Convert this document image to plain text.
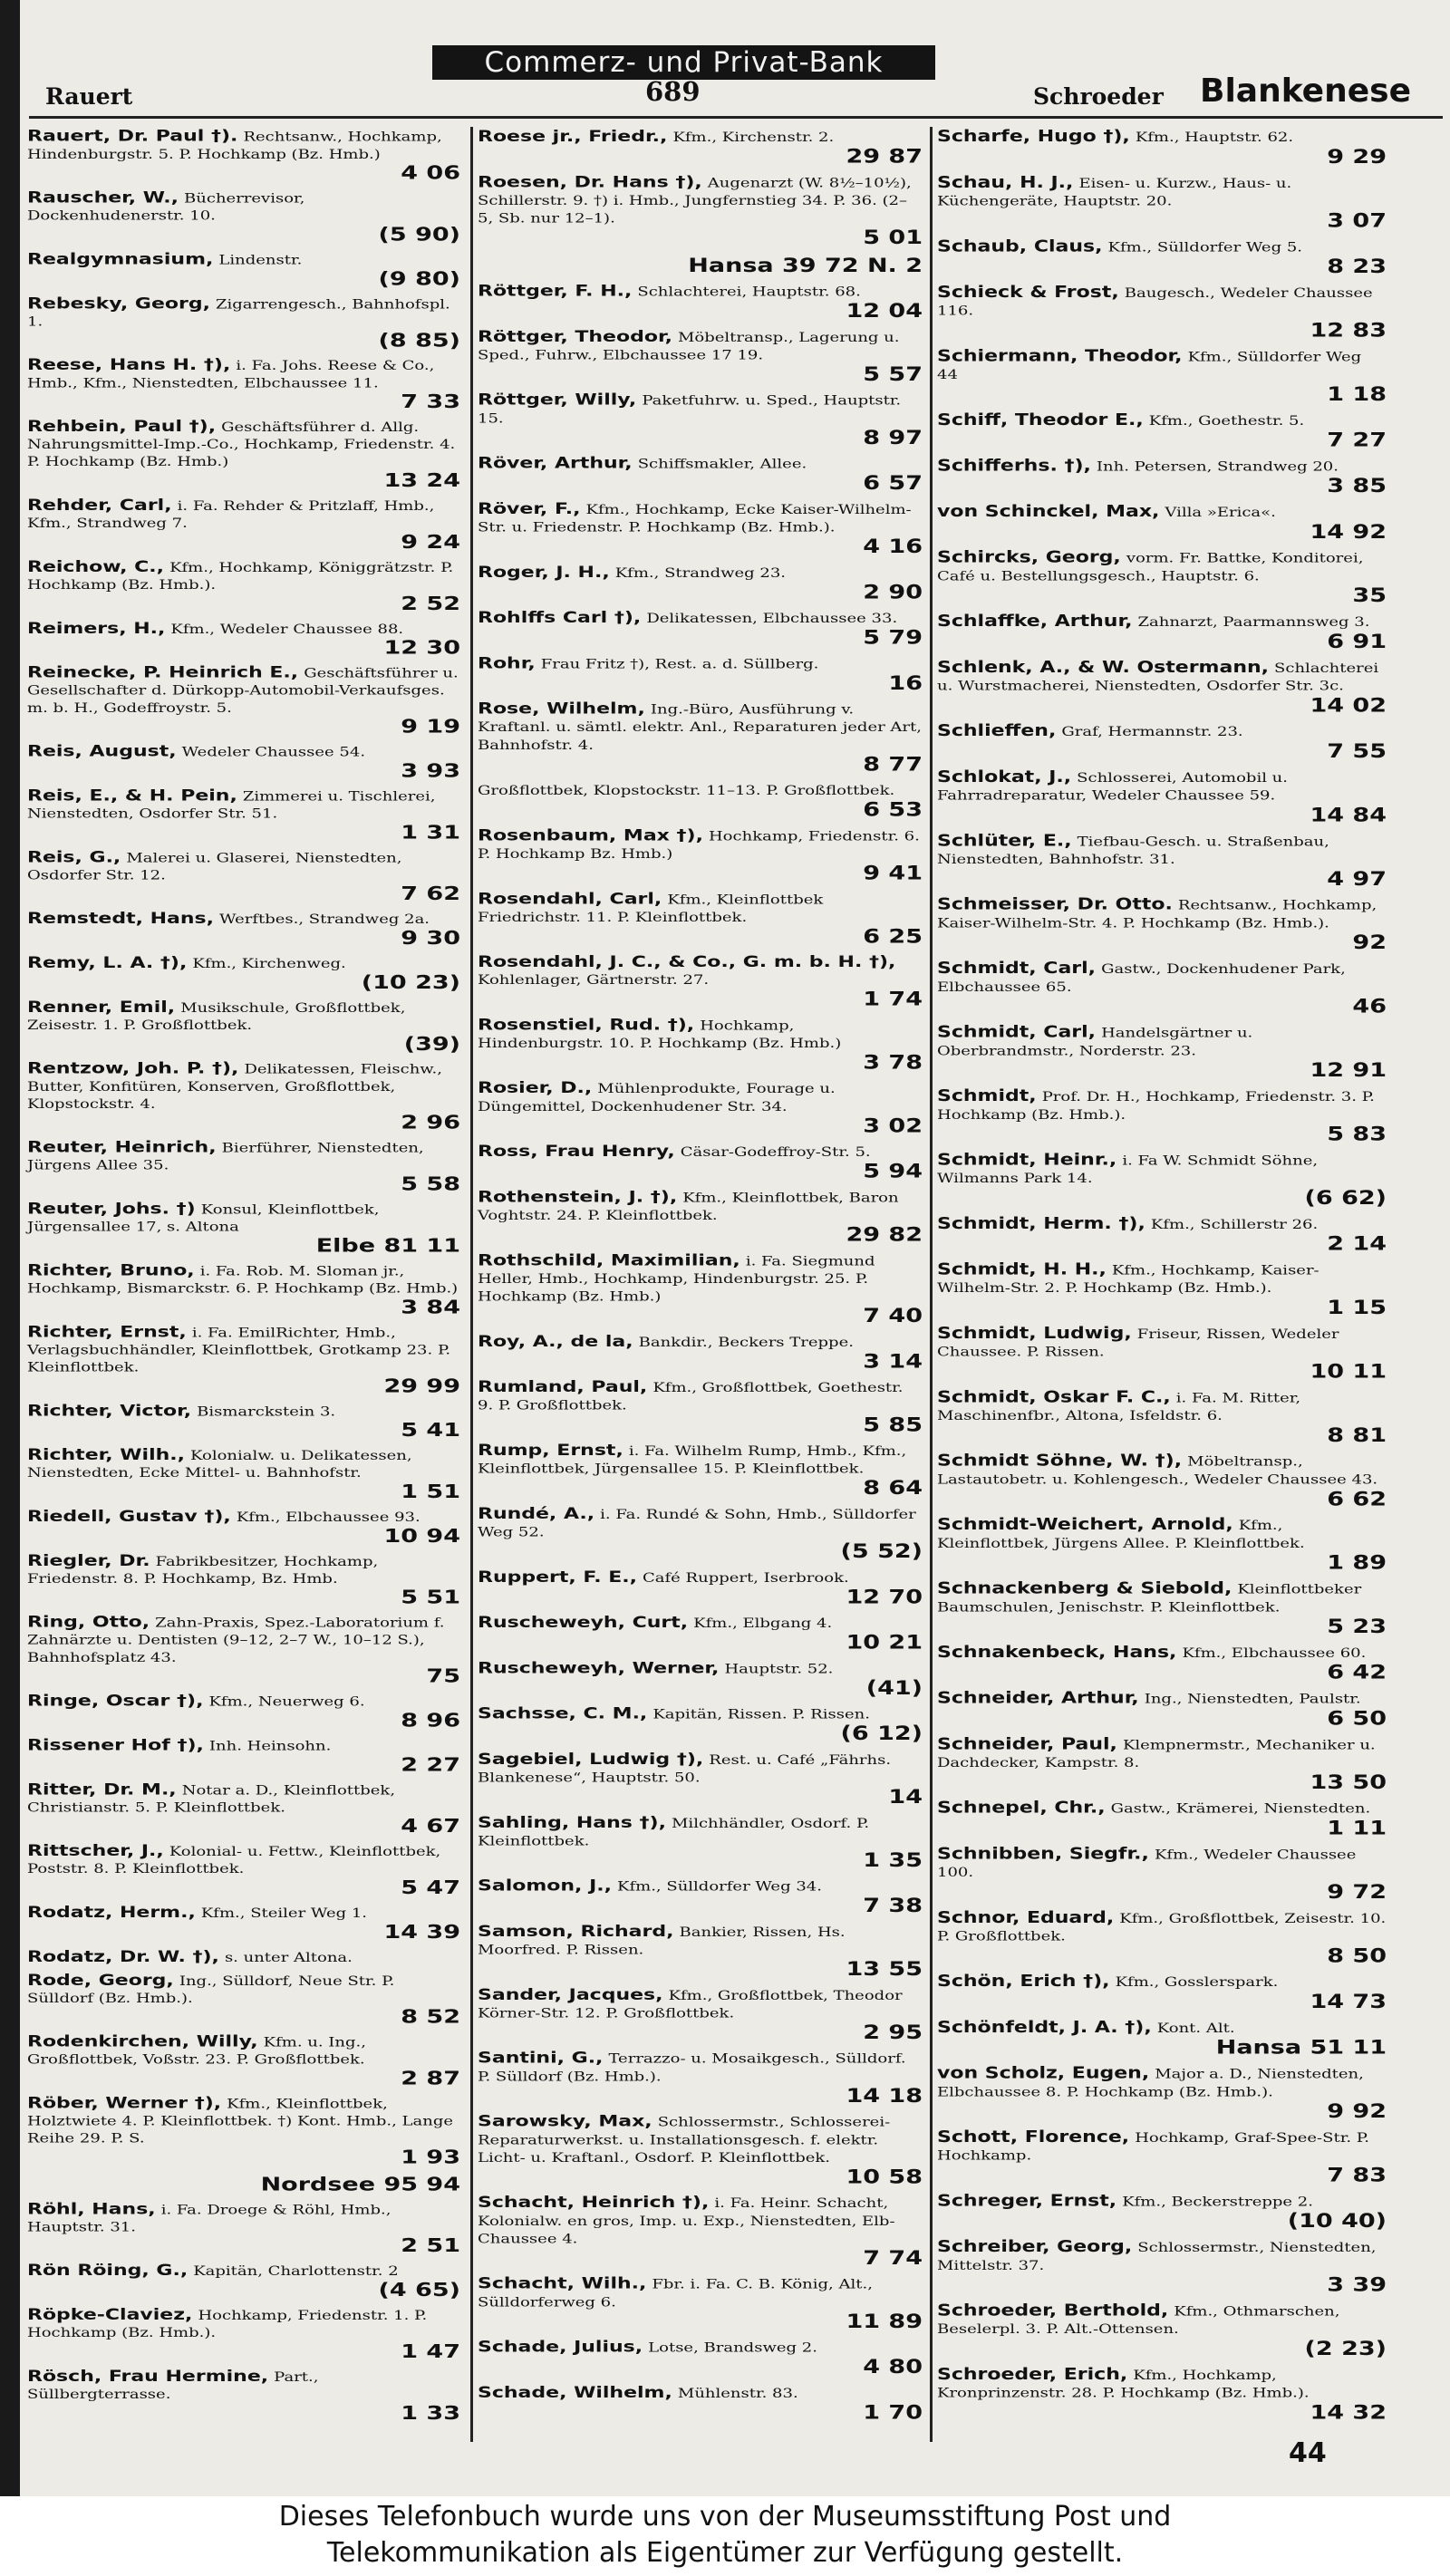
Commerz- und Privat-Bank
Rauert	689	Schroeder Blankenese
Rauert, Dr. Paul †). Rechtsanw., Hochkamp, Hindenburgstr. 5. P. Hochkamp (Bz. Hmb.)
4 06
Rauscher, W., Bücherrevisor, Dockenhudenerstr. 10.
(5 90)
Realgymnasium, Lindenstr.
(9 80)
Rebesky, Georg, Zigarrengesch., Bahnhofspl. 1.
(8 85)
Reese, Hans H. †), i. Fa. Johs. Reese & Co., Hmb., Kfm., Nienstedten, Elbchaussee 11.
7 33
Rehbein, Paul †), Geschäftsführer d. Allg. Nahrungsmittel-Imp.-Co., Hochkamp, Friedenstr. 4. P. Hochkamp (Bz. Hmb.)
13 24
Rehder, Carl, i. Fa. Rehder & Pritzlaff, Hmb., Kfm., Strandweg 7.
9 24
Reichow, C., Kfm., Hochkamp, Königgrätzstr. P. Hochkamp (Bz. Hmb.).
2 52
Reimers, H., Kfm., Wedeler Chaussee 88.
12 30
Reinecke, P. Heinrich E., Geschäftsführer u. Gesellschafter d. Dürkopp-Automobil-Verkaufsges. m. b. H., Godeffroystr. 5.
9 19
Reis, August, Wedeler Chaussee 54.
3 93
Reis, E., & H. Pein, Zimmerei u. Tischlerei, Nienstedten, Osdorfer Str. 51.
1 31
Reis, G., Malerei u. Glaserei, Nienstedten, Osdorfer Str. 12.
7 62
Remstedt, Hans, Werftbes., Strandweg 2a.
9 30
Remy, L. A. †), Kfm., Kirchenweg.
(10 23)
Renner, Emil, Musikschule, Großflottbek, Zeisestr. 1. P. Großflottbek.
(39)
Rentzow, Joh. P. †), Delikatessen, Fleischw., Butter, Konfitüren, Konserven, Großflottbek, Klopstockstr. 4.
2 96
Reuter, Heinrich, Bierführer, Nienstedten, Jürgens Allee 35.
5 58
Reuter, Johs. †) Konsul, Kleinflottbek, Jürgensallee 17, s. Altona
Elbe 81 11
Richter, Bruno, i. Fa. Rob. M. Sloman jr., Hochkamp, Bismarckstr. 6. P. Hochkamp (Bz. Hmb.)
3 84
Richter, Ernst, i. Fa. EmilRichter, Hmb., Verlagsbuchhändler, Kleinflottbek, Grotkamp 23. P. Kleinflottbek.
29 99
Richter, Victor, Bismarckstein 3.
5 41
Richter, Wilh., Kolonialw. u. Delikatessen, Nienstedten, Ecke Mittel- u. Bahnhofstr.
1 51
Riedell, Gustav †), Kfm., Elbchaussee 93.
10 94
Riegler, Dr. Fabrikbesitzer, Hochkamp, Friedenstr. 8. P. Hochkamp, Bz. Hmb.
5 51
Ring, Otto, Zahn-Praxis, Spez.-Laboratorium f. Zahnärzte u. Dentisten (9–12, 2–7 W., 10–12 S.), Bahnhofsplatz 43.
75
Ringe, Oscar †), Kfm., Neuerweg 6.
8 96
Rissener Hof †), Inh. Heinsohn.
2 27
Ritter, Dr. M., Notar a. D., Kleinflottbek, Christianstr. 5. P. Kleinflottbek.
4 67
Rittscher, J., Kolonial- u. Fettw., Kleinflottbek, Poststr. 8. P. Kleinflottbek.
5 47
Rodatz, Herm., Kfm., Steiler Weg 1.
14 39
Rodatz, Dr. W. †), s. unter Altona.
Rode, Georg, Ing., Sülldorf, Neue Str. P. Sülldorf (Bz. Hmb.).
8 52
Rodenkirchen, Willy, Kfm. u. Ing., Großflottbek, Voßstr. 23. P. Großflottbek.
2 87
Röber, Werner †), Kfm., Kleinflottbek, Holztwiete 4. P. Kleinflottbek. †) Kont. Hmb., Lange Reihe 29. P. S.
1 93
Nordsee 95 94
Röhl, Hans, i. Fa. Droege & Röhl, Hmb., Hauptstr. 31.
2 51
Rön Röing, G., Kapitän, Charlottenstr. 2
(4 65)
Röpke-Claviez, Hochkamp, Friedenstr. 1. P. Hochkamp (Bz. Hmb.).
1 47
Rösch, Frau Hermine, Part., Süllbergterrasse.
1 33
Roese jr., Friedr., Kfm., Kirchenstr. 2.
29 87
Roesen, Dr. Hans †), Augenarzt (W. 8½–10½), Schillerstr. 9. †) i. Hmb., Jungfernstieg 34. P. 36. (2–5, Sb. nur 12–1).
5 01
Hansa 39 72 N. 2
Röttger, F. H., Schlachterei, Hauptstr. 68.
12 04
Röttger, Theodor, Möbeltransp., Lagerung u. Sped., Fuhrw., Elbchaussee 17 19.
5 57
Röttger, Willy, Paketfuhrw. u. Sped., Hauptstr. 15.
8 97
Röver, Arthur, Schiffsmakler, Allee.
6 57
Röver, F., Kfm., Hochkamp, Ecke Kaiser-Wilhelm-Str. u. Friedenstr. P. Hochkamp (Bz. Hmb.).
4 16
Roger, J. H., Kfm., Strandweg 23.
2 90
Rohlffs Carl †), Delikatessen, Elbchaussee 33.
5 79
Rohr, Frau Fritz †), Rest. a. d. Süllberg.
16
Rose, Wilhelm, Ing.-Büro, Ausführung v. Kraftanl. u. sämtl. elektr. Anl., Reparaturen jeder Art, Bahnhofstr. 4.
8 77
Großflottbek, Klopstockstr. 11–13. P. Großflottbek.
6 53
Rosenbaum, Max †), Hochkamp, Friedenstr. 6. P. Hochkamp Bz. Hmb.)
9 41
Rosendahl, Carl, Kfm., Kleinflottbek Friedrichstr. 11. P. Kleinflottbek.
6 25
Rosendahl, J. C., & Co., G. m. b. H. †), Kohlenlager, Gärtnerstr. 27.
1 74
Rosenstiel, Rud. †), Hochkamp, Hindenburgstr. 10. P. Hochkamp (Bz. Hmb.)
3 78
Rosier, D., Mühlenprodukte, Fourage u. Düngemittel, Dockenhudener Str. 34.
3 02
Ross, Frau Henry, Cäsar-Godeffroy-Str. 5.
5 94
Rothenstein, J. †), Kfm., Kleinflottbek, Baron Voghtstr. 24. P. Kleinflottbek.
29 82
Rothschild, Maximilian, i. Fa. Siegmund Heller, Hmb., Hochkamp, Hindenburgstr. 25. P. Hochkamp (Bz. Hmb.)
7 40
Roy, A., de la, Bankdir., Beckers Treppe.
3 14
Rumland, Paul, Kfm., Großflottbek, Goethestr. 9. P. Großflottbek.
5 85
Rump, Ernst, i. Fa. Wilhelm Rump, Hmb., Kfm., Kleinflottbek, Jürgensallee 15. P. Kleinflottbek.
8 64
Rundé, A., i. Fa. Rundé & Sohn, Hmb., Sülldorfer Weg 52.
(5 52)
Ruppert, F. E., Café Ruppert, Iserbrook.
12 70
Ruscheweyh, Curt, Kfm., Elbgang 4.
10 21
Ruscheweyh, Werner, Hauptstr. 52.
(41)
Sachsse, C. M., Kapitän, Rissen. P. Rissen.
(6 12)
Sagebiel, Ludwig †), Rest. u. Café „Fährhs. Blankenese“, Hauptstr. 50.
14
Sahling, Hans †), Milchhändler, Osdorf. P. Kleinflottbek.
1 35
Salomon, J., Kfm., Sülldorfer Weg 34.
7 38
Samson, Richard, Bankier, Rissen, Hs. Moorfred. P. Rissen.
13 55
Sander, Jacques, Kfm., Großflottbek, Theodor Körner-Str. 12. P. Großflottbek.
2 95
Santini, G., Terrazzo- u. Mosaikgesch., Sülldorf. P. Sülldorf (Bz. Hmb.).
14 18
Sarowsky, Max, Schlossermstr., Schlosserei-Reparaturwerkst. u. Installationsgesch. f. elektr. Licht- u. Kraftanl., Osdorf. P. Kleinflottbek.
10 58
Schacht, Heinrich †), i. Fa. Heinr. Schacht, Kolonialw. en gros, Imp. u. Exp., Nienstedten, Elb-Chaussee 4.
7 74
Schacht, Wilh., Fbr. i. Fa. C. B. König, Alt., Sülldorferweg 6.
11 89
Schade, Julius, Lotse, Brandsweg 2.
4 80
Schade, Wilhelm, Mühlenstr. 83.
1 70
Scharfe, Hugo †), Kfm., Hauptstr. 62.
9 29
Schau, H. J., Eisen- u. Kurzw., Haus- u. Küchengeräte, Hauptstr. 20.
3 07
Schaub, Claus, Kfm., Sülldorfer Weg 5.
8 23
Schieck & Frost, Baugesch., Wedeler Chaussee 116.
12 83
Schiermann, Theodor, Kfm., Sülldorfer Weg 44
1 18
Schiff, Theodor E., Kfm., Goethestr. 5.
7 27
Schifferhs. †), Inh. Petersen, Strandweg 20.
3 85
von Schinckel, Max, Villa »Erica«.
14 92
Schircks, Georg, vorm. Fr. Battke, Konditorei, Café u. Bestellungsgesch., Hauptstr. 6.
35
Schlaffke, Arthur, Zahnarzt, Paarmannsweg 3.
6 91
Schlenk, A., & W. Ostermann, Schlachterei u. Wurstmacherei, Nienstedten, Osdorfer Str. 3c.
14 02
Schlieffen, Graf, Hermannstr. 23.
7 55
Schlokat, J., Schlosserei, Automobil u. Fahrradreparatur, Wedeler Chaussee 59.
14 84
Schlüter, E., Tiefbau-Gesch. u. Straßenbau, Nienstedten, Bahnhofstr. 31.
4 97
Schmeisser, Dr. Otto. Rechtsanw., Hochkamp, Kaiser-Wilhelm-Str. 4. P. Hochkamp (Bz. Hmb.).
92
Schmidt, Carl, Gastw., Dockenhudener Park, Elbchaussee 65.
46
Schmidt, Carl, Handelsgärtner u. Oberbrandmstr., Norderstr. 23.
12 91
Schmidt, Prof. Dr. H., Hochkamp, Friedenstr. 3. P. Hochkamp (Bz. Hmb.).
5 83
Schmidt, Heinr., i. Fa W. Schmidt Söhne, Wilmanns Park 14.
(6 62)
Schmidt, Herm. †), Kfm., Schillerstr 26.
2 14
Schmidt, H. H., Kfm., Hochkamp, Kaiser-Wilhelm-Str. 2. P. Hochkamp (Bz. Hmb.).
1 15
Schmidt, Ludwig, Friseur, Rissen, Wedeler Chaussee. P. Rissen.
10 11
Schmidt, Oskar F. C., i. Fa. M. Ritter, Maschinenfbr., Altona, Isfeldstr. 6.
8 81
Schmidt Söhne, W. †), Möbeltransp., Lastautobetr. u. Kohlengesch., Wedeler Chaussee 43.
6 62
Schmidt-Weichert, Arnold, Kfm., Kleinflottbek, Jürgens Allee. P. Kleinflottbek.
1 89
Schnackenberg & Siebold, Kleinflottbeker Baumschulen, Jenischstr. P. Kleinflottbek.
5 23
Schnakenbeck, Hans, Kfm., Elbchaussee 60.
6 42
Schneider, Arthur, Ing., Nienstedten, Paulstr.
6 50
Schneider, Paul, Klempnermstr., Mechaniker u. Dachdecker, Kampstr. 8.
13 50
Schnepel, Chr., Gastw., Krämerei, Nienstedten.
1 11
Schnibben, Siegfr., Kfm., Wedeler Chaussee 100.
9 72
Schnor, Eduard, Kfm., Großflottbek, Zeisestr. 10. P. Großflottbek.
8 50
Schön, Erich †), Kfm., Gosslerspark.
14 73
Schönfeldt, J. A. †), Kont. Alt.
Hansa 51 11
von Scholz, Eugen, Major a. D., Nienstedten, Elbchaussee 8. P. Hochkamp (Bz. Hmb.).
9 92
Schott, Florence, Hochkamp, Graf-Spee-Str. P. Hochkamp.
7 83
Schreger, Ernst, Kfm., Beckerstreppe 2.
(10 40)
Schreiber, Georg, Schlossermstr., Nienstedten, Mittelstr. 37.
3 39
Schroeder, Berthold, Kfm., Othmarschen, Beselerpl. 3. P. Alt.-Ottensen.
(2 23)
Schroeder, Erich, Kfm., Hochkamp, Kronprinzenstr. 28. P. Hochkamp (Bz. Hmb.).
14 32
44
Dieses Telefonbuch wurde uns von der Museumsstiftung Post und
Telekommunikation als Eigentümer zur Verfügung gestellt.
